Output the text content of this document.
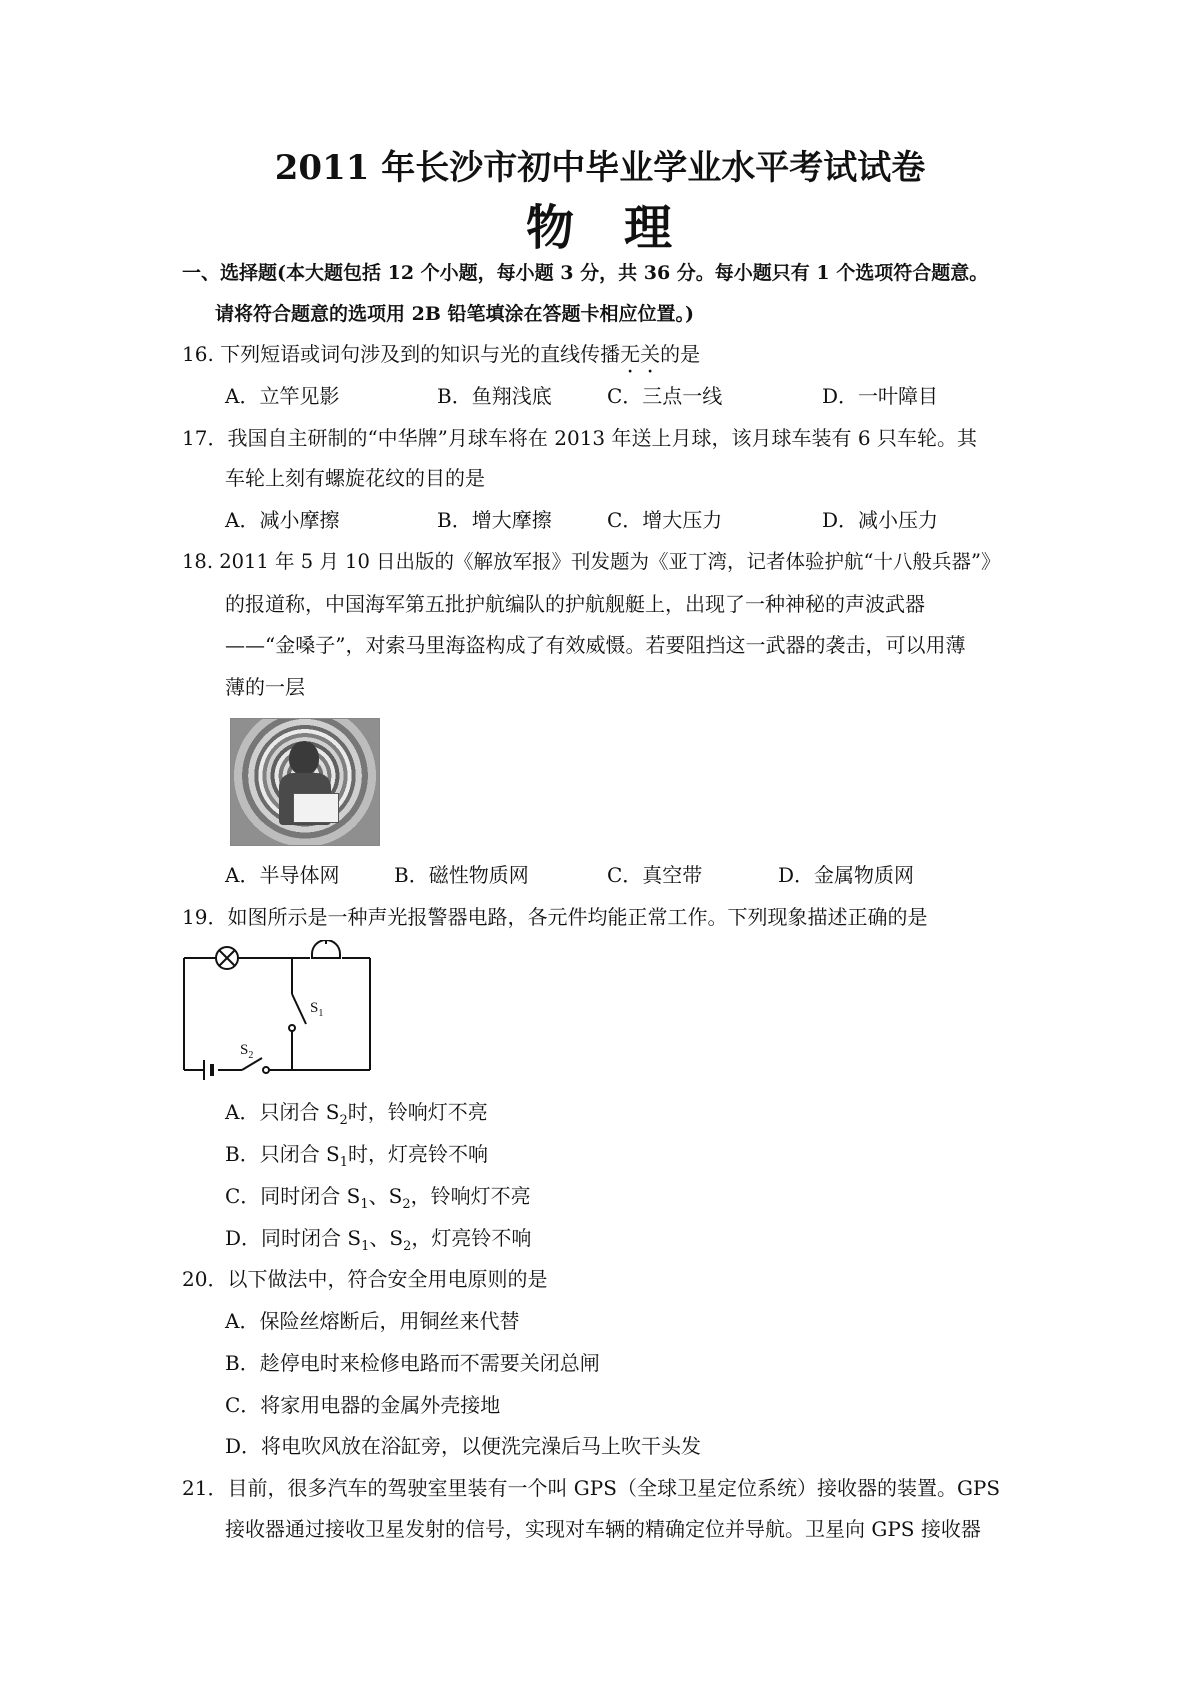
2011 年长沙市初中毕业学业水平考试试卷
物 理
一、选择题(本大题包括 12 个小题，每小题 3 分，共 36 分。每小题只有 1 个选项符合题意。
请将符合题意的选项用 2B 铅笔填涂在答题卡相应位置。)
16. 下列短语或词句涉及到的知识与光的直线传播无关的是
A．立竿见影	B．鱼翔浅底	C．三点一线	D．一叶障目
17．我国自主研制的“中华牌”月球车将在 2013 年送上月球，该月球车装有 6 只车轮。其
车轮上刻有螺旋花纹的目的是
A．减小摩擦	B．增大摩擦	C．增大压力	D．减小压力
18. 2011 年 5 月 10 日出版的《解放军报》刊发题为《亚丁湾，记者体验护航“十八般兵器”》
的报道称，中国海军第五批护航编队的护航舰艇上，出现了一种神秘的声波武器
——“金嗓子”，对索马里海盗构成了有效威慑。若要阻挡这一武器的袭击，可以用薄
薄的一层
A．半导体网	B．磁性物质网	C．真空带	D．金属物质网
19．如图所示是一种声光报警器电路，各元件均能正常工作。下列现象描述正确的是
$S_1$
$S_2$
A．只闭合 $S_2$时，铃响灯不亮
B．只闭合 $S_1$时，灯亮铃不响
C．同时闭合 $S_1$、$S_2$，铃响灯不亮
D．同时闭合 $S_1$、$S_2$，灯亮铃不响
20．以下做法中，符合安全用电原则的是
A．保险丝熔断后，用铜丝来代替
B．趁停电时来检修电路而不需要关闭总闸
C．将家用电器的金属外壳接地
D．将电吹风放在浴缸旁，以便洗完澡后马上吹干头发
21．目前，很多汽车的驾驶室里装有一个叫 GPS（全球卫星定位系统）接收器的装置。GPS
接收器通过接收卫星发射的信号，实现对车辆的精确定位并导航。卫星向 GPS 接收器
